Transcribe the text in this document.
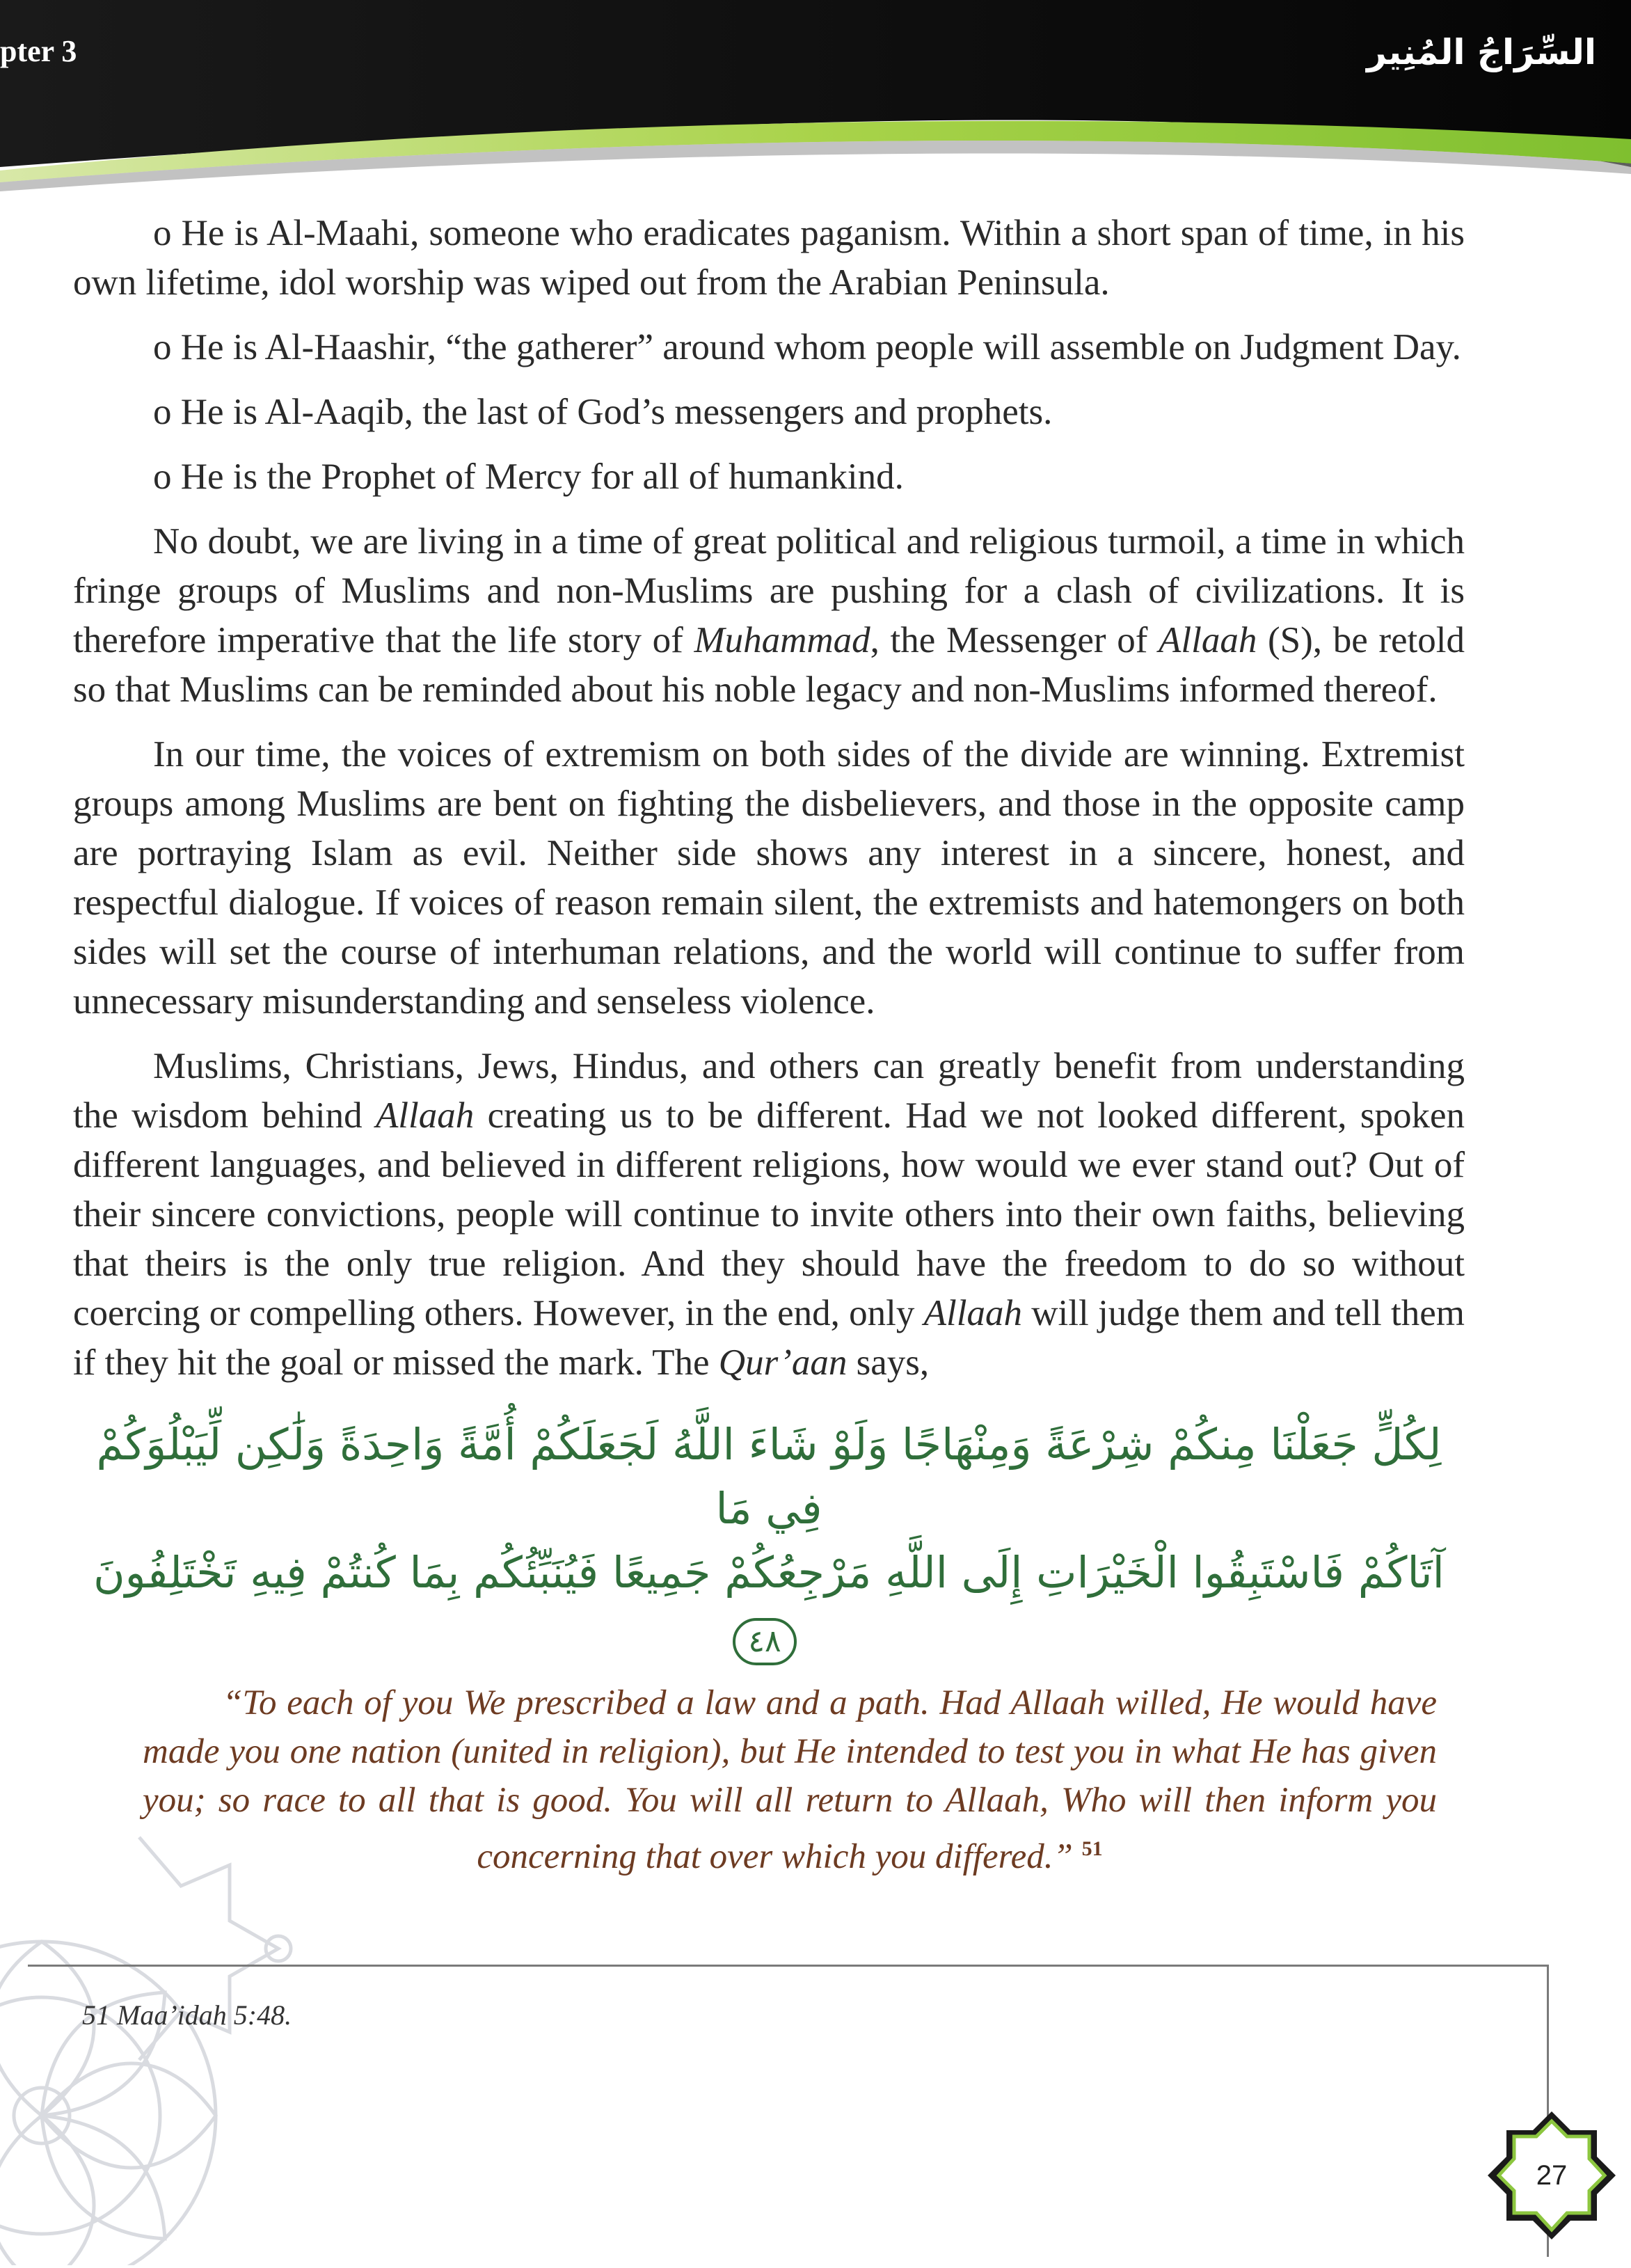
pter 3	السِّرَاجُ المُنِير

o He is Al-Maahi, someone who eradicates paganism. Within a short span of time, in his own lifetime, idol worship was wiped out from the Arabian Peninsula.

o He is Al-Haashir, “the gatherer” around whom people will assemble on Judgment Day.

o He is Al-Aaqib, the last of God’s messengers and prophets.

o He is the Prophet of Mercy for all of humankind.

No doubt, we are living in a time of great political and religious turmoil, a time in which fringe groups of Muslims and non-Muslims are pushing for a clash of civilizations. It is therefore imperative that the life story of Muhammad, the Messenger of Allaah (S), be retold so that Muslims can be reminded about his noble legacy and non-Muslims informed thereof.

In our time, the voices of extremism on both sides of the divide are winning. Extremist groups among Muslims are bent on fighting the disbelievers, and those in the opposite camp are portraying Islam as evil. Neither side shows any interest in a sincere, honest, and respectful dialogue. If voices of reason remain silent, the extremists and hatemongers on both sides will set the course of interhuman relations, and the world will continue to suffer from unnecessary misunderstanding and senseless violence.

Muslims, Christians, Jews, Hindus, and others can greatly benefit from understanding the wisdom behind Allaah creating us to be different. Had we not looked different, spoken different languages, and believed in different religions, how would we ever stand out? Out of their sincere convictions, people will continue to invite others into their own faiths, believing that theirs is the only true religion. And they should have the freedom to do so without coercing or compelling others. However, in the end, only Allaah will judge them and tell them if they hit the goal or missed the mark. The Qur’aan says,

لِكُلٍّ جَعَلْنَا مِنكُمْ شِرْعَةً وَمِنْهَاجًا وَلَوْ شَاءَ اللَّهُ لَجَعَلَكُمْ أُمَّةً وَاحِدَةً وَلَٰكِن لِّيَبْلُوَكُمْ فِي مَا
آتَاكُمْ فَاسْتَبِقُوا الْخَيْرَاتِ إِلَى اللَّهِ مَرْجِعُكُمْ جَمِيعًا فَيُنَبِّئُكُم بِمَا كُنتُمْ فِيهِ تَخْتَلِفُونَ ٤٨

“To each of you We prescribed a law and a path. Had Allaah willed, He would have made you one nation (united in religion), but He intended to test you in what He has given you; so race to all that is good. You will all return to Allaah, Who will then inform you concerning that over which you differed.” $^{51}$

51 Maa’idah 5:48.
27
